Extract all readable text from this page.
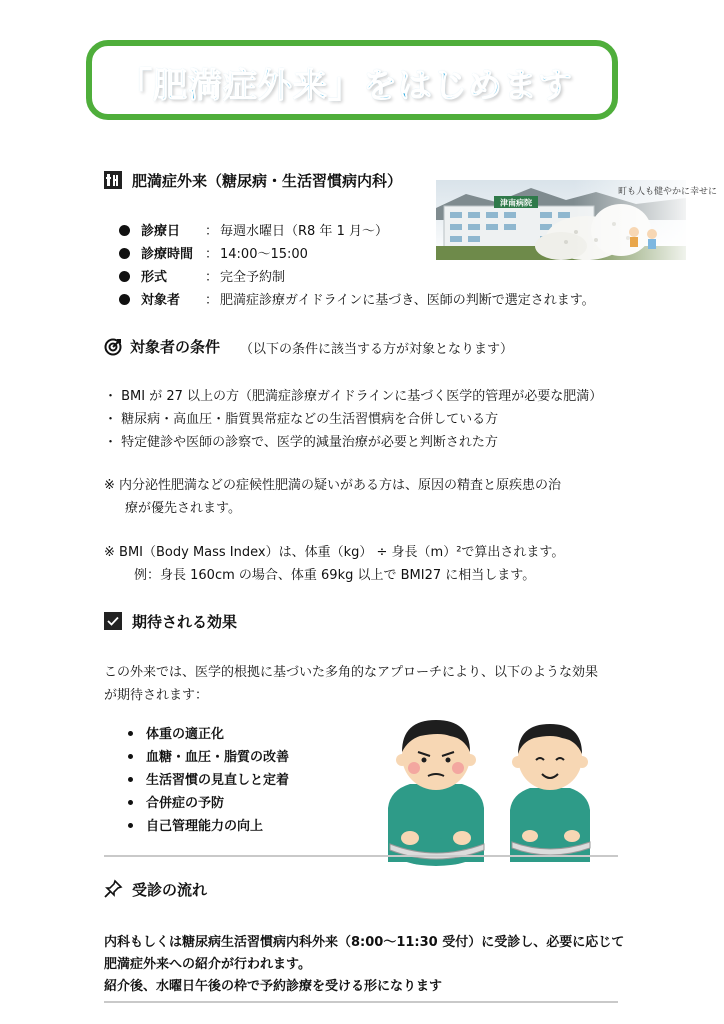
「肥満症外来」をはじめます
肥満症外来（糖尿病・生活習慣病内科）
町も人も健やかに幸せに
診療日 ： 毎週水曜日（R8 年 1 月～）
診療時間 ： 14:00～15:00
形式	： 完全予約制
対象者 ： 肥満症診療ガイドラインに基づき、医師の判断で選定されます。
対象者の条件 （以下の条件に該当する方が対象となります）
・ BMI が 27 以上の方（肥満症診療ガイドラインに基づく医学的管理が必要な肥満）
・ 糖尿病・高血圧・脂質異常症などの生活習慣病を合併している方
・ 特定健診や医師の診察で、医学的減量治療が必要と判断された方
※ 内分泌性肥満などの症候性肥満の疑いがある方は、原因の精査と原疾患の治
療が優先されます。
※ BMI（Body Mass Index）は、体重（kg） ÷ 身長（m）²で算出されます。
例：身長 160cm の場合、体重 69kg 以上で BMI27 に相当します。
期待される効果
この外来では、医学的根拠に基づいた多角的なアプローチにより、以下のような効果
が期待されます：
体重の適正化
血糖・血圧・脂質の改善
生活習慣の見直しと定着
合併症の予防
自己管理能力の向上
受診の流れ
内科もしくは糖尿病生活習慣病内科外来（8:00～11:30 受付）に受診し、必要に応じて
肥満症外来への紹介が行われます。
紹介後、水曜日午後の枠で予約診療を受ける形になります
